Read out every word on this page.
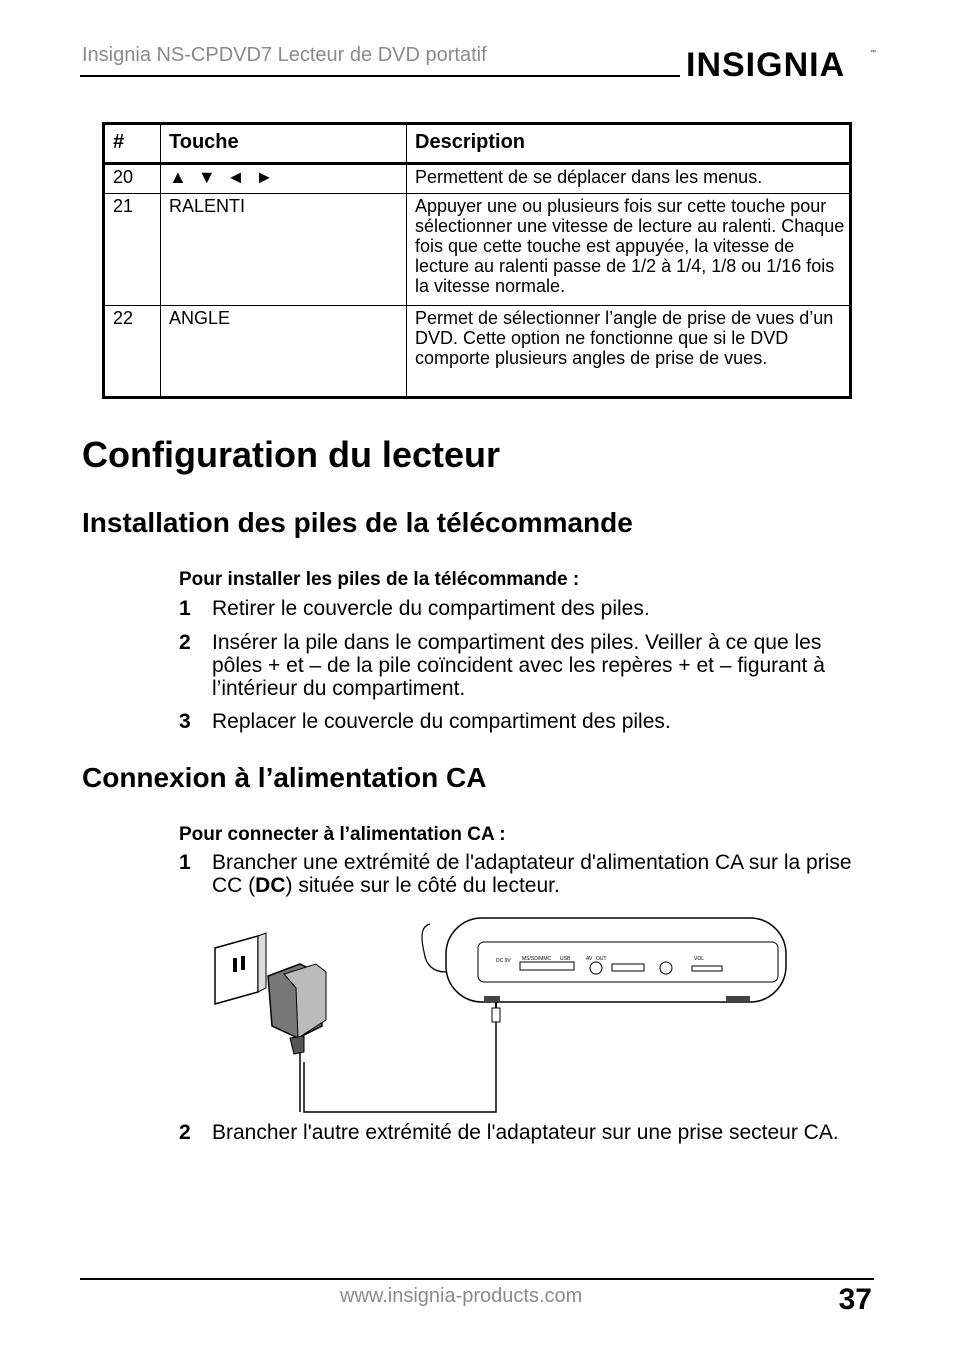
Insignia NS-CPDVD7 Lecteur de DVD portatif	INSIGNIA	™
#	Touche	Description
20	▲ ▼ ◄ ►	Permettent de se déplacer dans les menus.
21	RALENTI	Appuyer une ou plusieurs fois sur cette touche pour sélectionner une vitesse de lecture au ralenti. Chaque fois que cette touche est appuyée, la vitesse de lecture au ralenti passe de 1/2 à 1/4, 1/8 ou 1/16 fois la vitesse normale.
22	ANGLE	Permet de sélectionner l’angle de prise de vues d’un DVD. Cette option ne fonctionne que si le DVD comporte plusieurs angles de prise de vues.
Configuration du lecteur
Installation des piles de la télécommande
Pour installer les piles de la télécommande :
1 Retirer le couvercle du compartiment des piles.
2 Insérer la pile dans le compartiment des piles. Veiller à ce que les pôles + et – de la pile coïncident avec les repères + et – figurant à l’intérieur du compartiment.
3 Replacer le couvercle du compartiment des piles.
Connexion à l’alimentation CA
Pour connecter à l’alimentation CA :
1 Brancher une extrémité de l'adaptateur d'alimentation CA sur la prise CC (DC) située sur le côté du lecteur.
DC 9V MS/SD/MMC USB	AV OUT	VOL
2 Brancher l'autre extrémité de l'adaptateur sur une prise secteur CA.
www.insignia-products.com	37
